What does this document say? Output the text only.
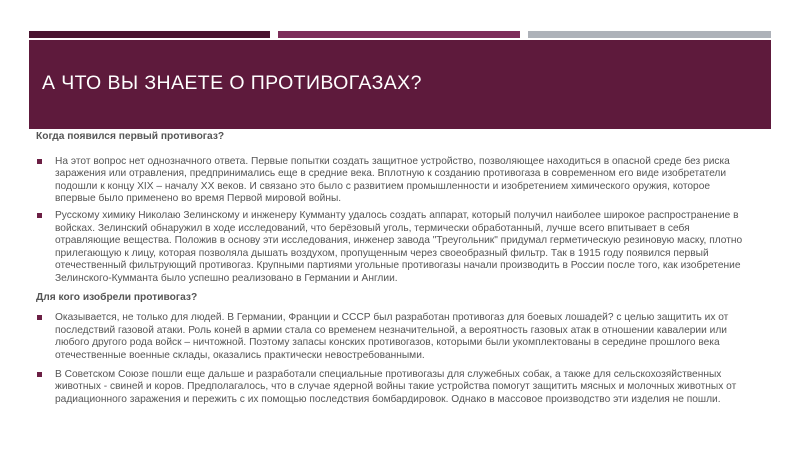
А ЧТО ВЫ ЗНАЕТЕ О ПРОТИВОГАЗАХ?

Когда появился первый противогаз?

На этот вопрос нет однозначного ответа. Первые попытки создать защитное устройство, позволяющее находиться в опасной среде без риска заражения или отравления, предпринимались еще в средние века. Вплотную к созданию противогаза в современном его виде изобретатели подошли к концу XIX – началу XX веков. И связано это было с развитием промышленности и изобретением химического оружия, которое впервые было применено во время Первой мировой войны.
Русскому химику Николаю Зелинскому и инженеру Кумманту удалось создать аппарат, который получил наиболее широкое распространение в войсках. Зелинский обнаружил в ходе исследований, что берёзовый уголь, термически обработанный, лучше всего впитывает в себя отравляющие вещества. Положив в основу эти исследования, инженер завода "Треугольник" придумал герметическую резиновую маску, плотно прилегающую к лицу, которая позволяла дышать воздухом, пропущенным через своеобразный фильтр. Так в 1915 году появился первый отечественный фильтрующий противогаз. Крупными партиями угольные противогазы начали производить в России после того, как изобретение Зелинского-Кумманта было успешно реализовано в Германии и Англии.

Для кого изобрели противогаз?

Оказывается, не только для людей. В Германии, Франции и СССР был разработан противогаз для боевых лошадей? с целью защитить их от последствий газовой атаки. Роль коней в армии стала со временем незначительной, а вероятность газовых атак в отношении кавалерии или любого другого рода войск – ничтожной. Поэтому запасы конских противогазов, которыми были укомплектованы в середине прошлого века отечественные военные склады, оказались практически невостребованными.
В Советском Союзе пошли еще дальше и разработали специальные противогазы для служебных собак, а также для сельскохозяйственных животных - свиней и коров. Предполагалось, что в случае ядерной войны такие устройства помогут защитить мясных и молочных животных от радиационного заражения и пережить с их помощью последствия бомбардировок. Однако в массовое производство эти изделия не пошли.
